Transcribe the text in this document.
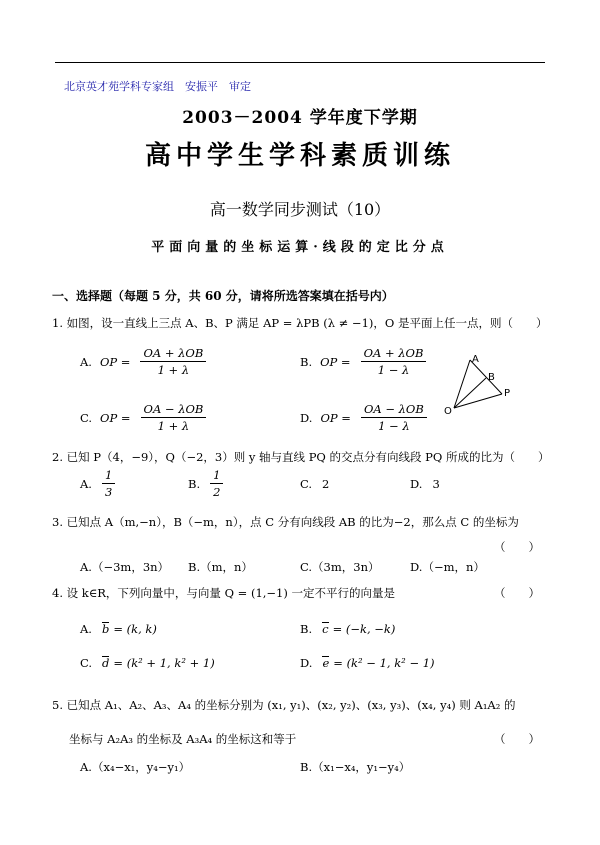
北京英才苑学科专家组　安振平　审定
2003－2004 学年度下学期
高中学生学科素质训练
高一数学同步测试（10）
平面向量的坐标运算·线段的定比分点
一、选择题（每题 5 分，共 60 分，请将所选答案填在括号内）
1. 如图，设一直线上三点 A、B、P 满足 AP = λPB (λ ≠ −1)，O 是平面上任一点，则（　　）
A. OP = $\frac{\text{OA + λOB}}{1 + \lambda}$	B. OP = $\frac{\text{OA + λOB}}{1 - \lambda}$
C. OP = $\frac{\text{OA − λOB}}{1 + \lambda}$	D. OP = $\frac{\text{OA − λOB}}{1 - \lambda}$
A
B
P
O
2. 已知 P（4，−9），Q（−2，3）则 y 轴与直线 PQ 的交点分有向线段 PQ 所成的比为（　　）
A. $\frac{1}{3}$	B. $\frac{1}{2}$	C. 2	D. 3
3. 已知点 A（m,−n），B（−m，n），点 C 分有向线段 AB 的比为−2，那么点 C 的坐标为
（　　）
A. （−3m，3n） B. （m，n）	C. （3m，3n）	D. （−m，n）
4. 设 k∈R，下列向量中，与向量 Q = (1,−1) 一定不平行的向量是	（　　）
A. b = (k, k)	B. c = (−k, −k)
C. d = (k² + 1, k² + 1)	D. e = (k² − 1, k² − 1)
5. 已知点 A₁、A₂、A₃、A₄ 的坐标分别为 (x₁, y₁)、(x₂, y₂)、(x₃, y₃)、(x₄, y₄) 则 A₁A₂ 的
坐标与 A₂A₃ 的坐标及 A₃A₄ 的坐标这和等于	（　　）
A. （x₄−x₁，y₄−y₁）	B. （x₁−x₄，y₁−y₄）
